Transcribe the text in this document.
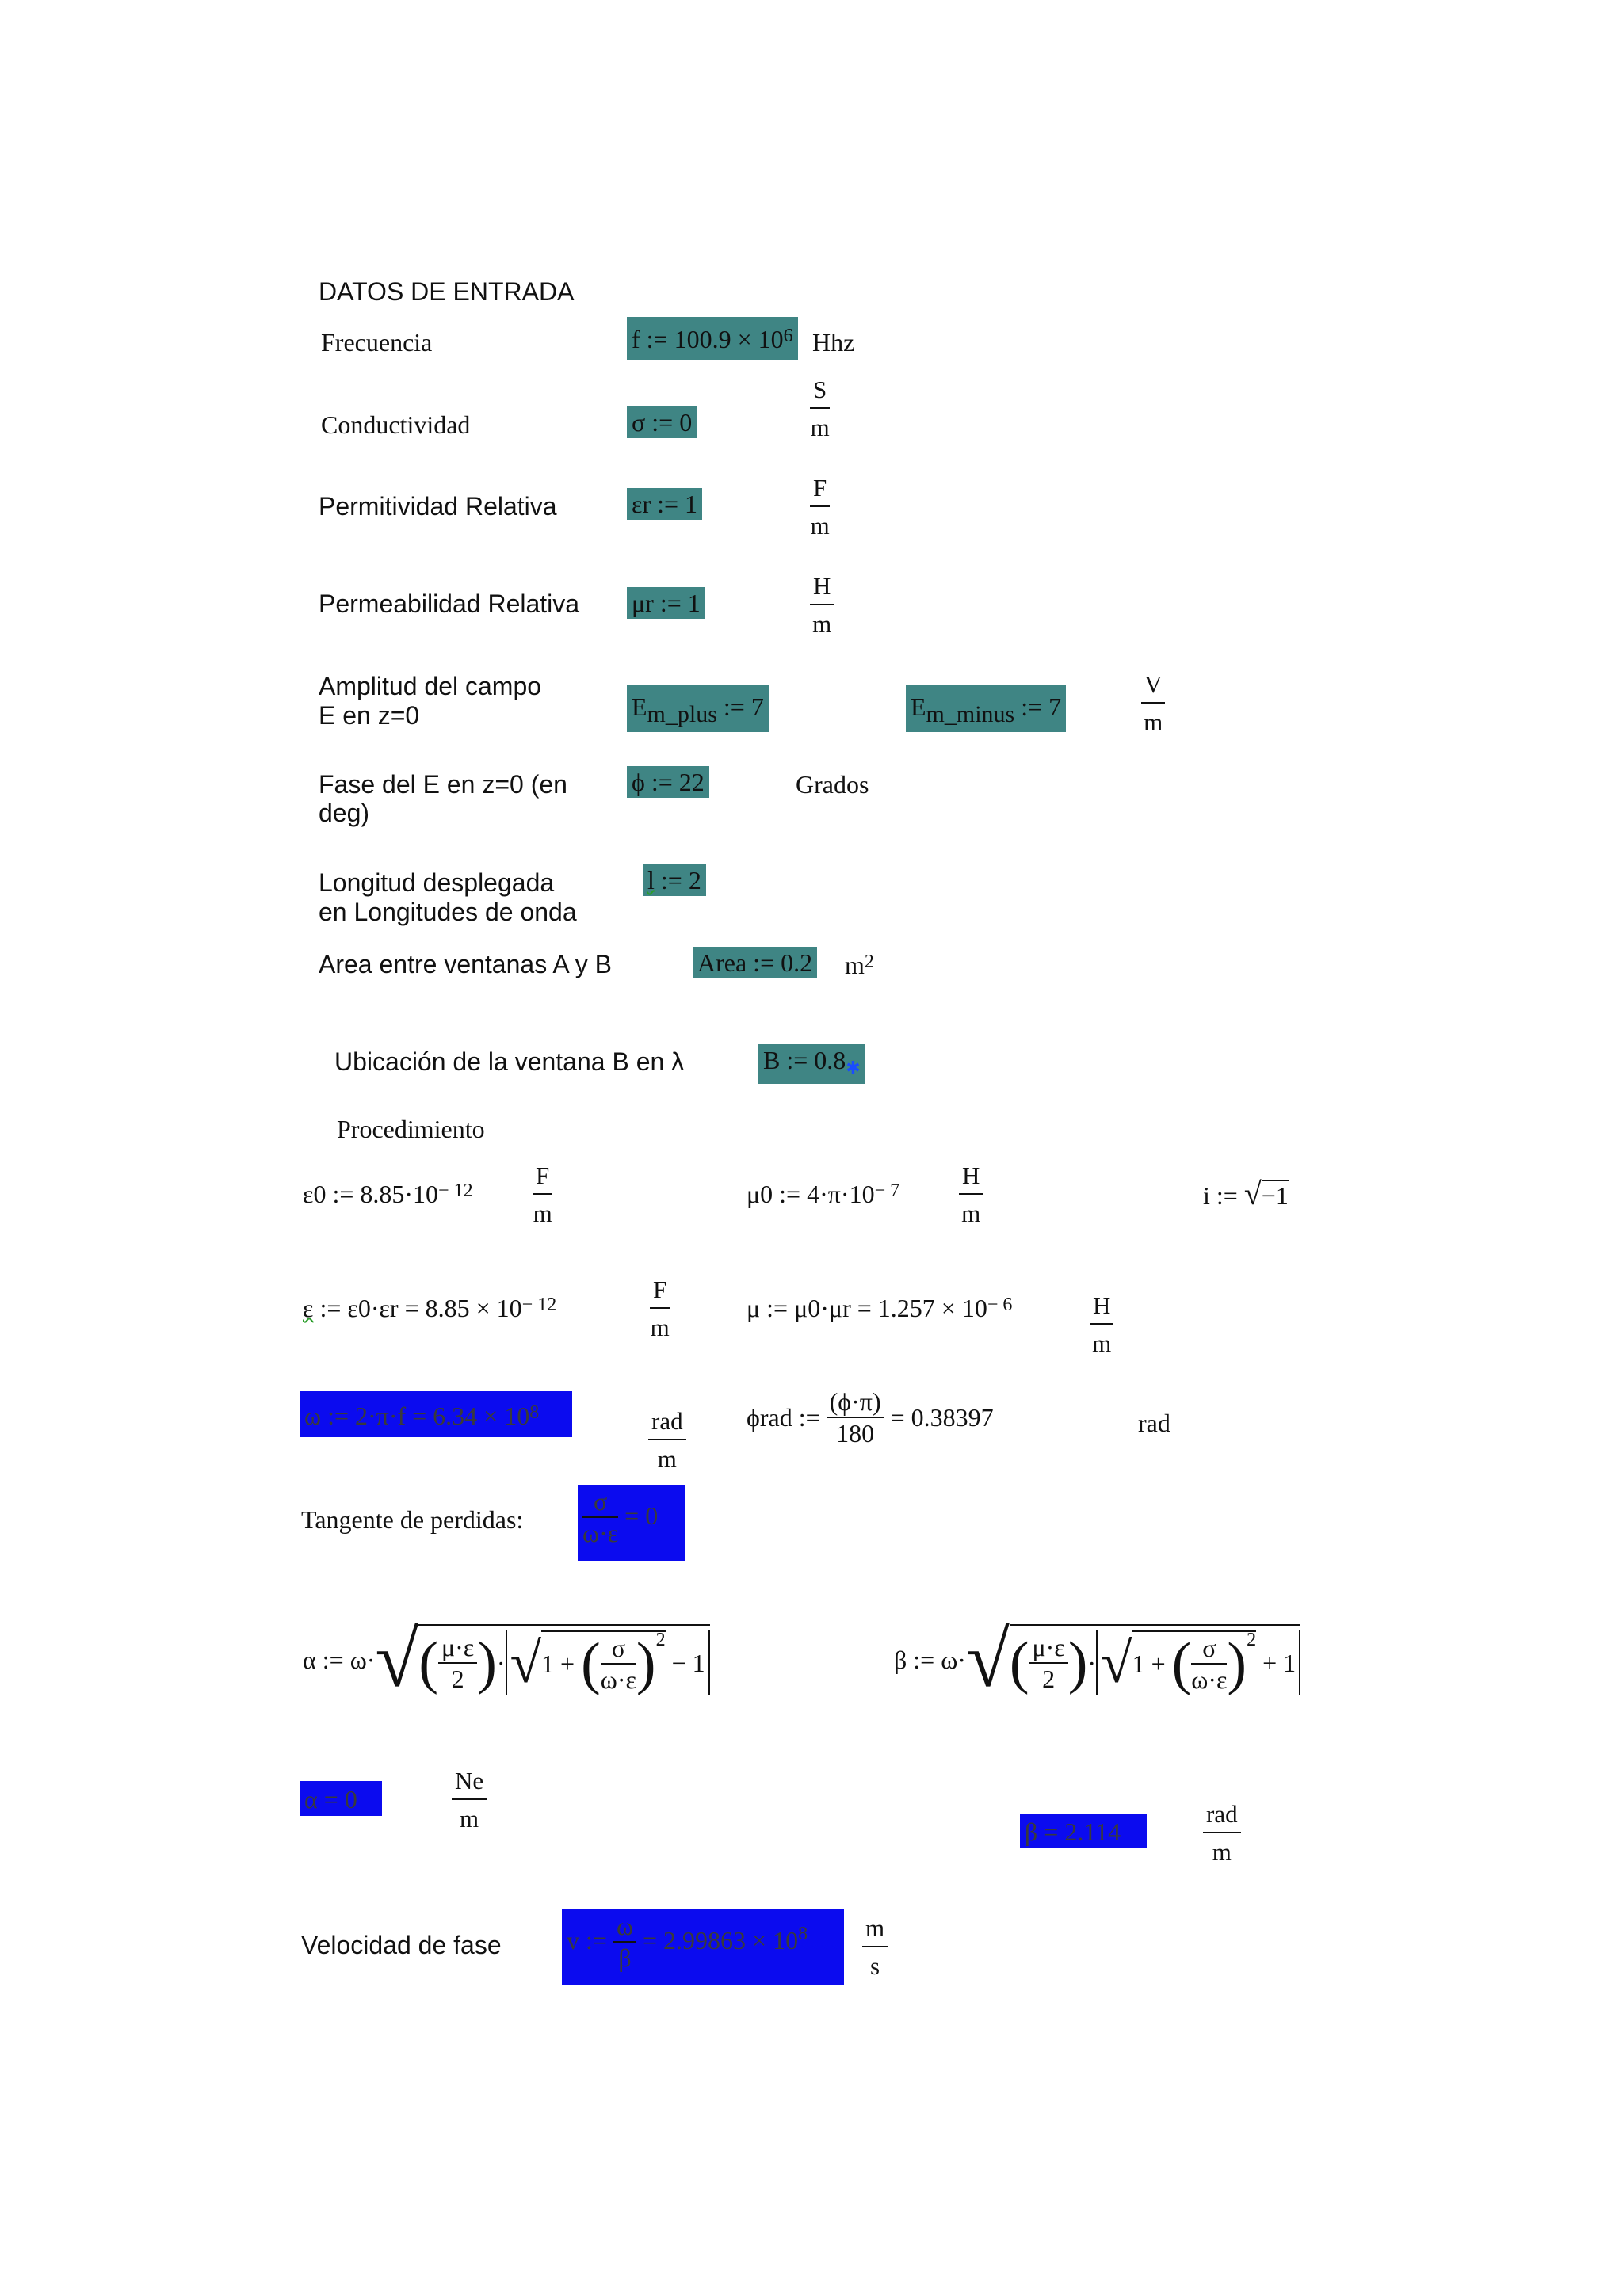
DATOS DE ENTRADA
Frecuencia	f := $100.9 \times 10^6$ Hhz
Conductividad	σ := 0
S
m
Permitividad Relativa	εr := 1
F
m
Permeabilidad Relativa μr := 1
H
m
Amplitud del campo
E en z=0	$E_{m\_plus}$ := 7	$E_{m\_minus}$ := 7
V
m
Fase del E en z=0 (en
deg)
ϕ := 22	Grados
Longitud desplegada
en Longitudes de onda
l := 2
Area entre ventanas A y B	Area := 0.2 $m^2$
Ubicación de la ventana B en λ	B := 0.8✱
Procedimiento
ε0 := $8.85\cdot 10^{- 12}$
F
m
μ0 := $4\cdot\pi\cdot 10^{- 7}$
H
m
i := √−1
ε := $\varepsilon 0\cdot\varepsilon r = 8.85 \times 10^{- 12}$
F
m
μ := $\mu 0\cdot\mu r = 1.257 \times 10^{- 6}$	H
m
ω := $2\cdot\pi\cdot f = 6.34 \times 10^8$	rad
m
ϕrad := $\frac{(\phi\cdot\pi)}{180} = 0.38397$	rad
Tangente de perdidas: $\frac{\sigma}{\omega\cdot\varepsilon} = 0$
α := $\omega\cdot√( \frac{\mu\cdot\varepsilon}{2} )\cdot√1$ + ( $\frac{\sigma}{\omega\cdot\varepsilon} )^2 - 1$	β := $\omega\cdot√( \frac{\mu\cdot\varepsilon}{2} )\cdot√1$ + ( $\frac{\sigma}{\omega\cdot\varepsilon} )^2 + 1$
α = 0
Ne
m	β = 2.114
rad
m
Velocidad de fase	v := $\frac{\omega}{\beta} = 2.99863 \times 10^8$	m
s
